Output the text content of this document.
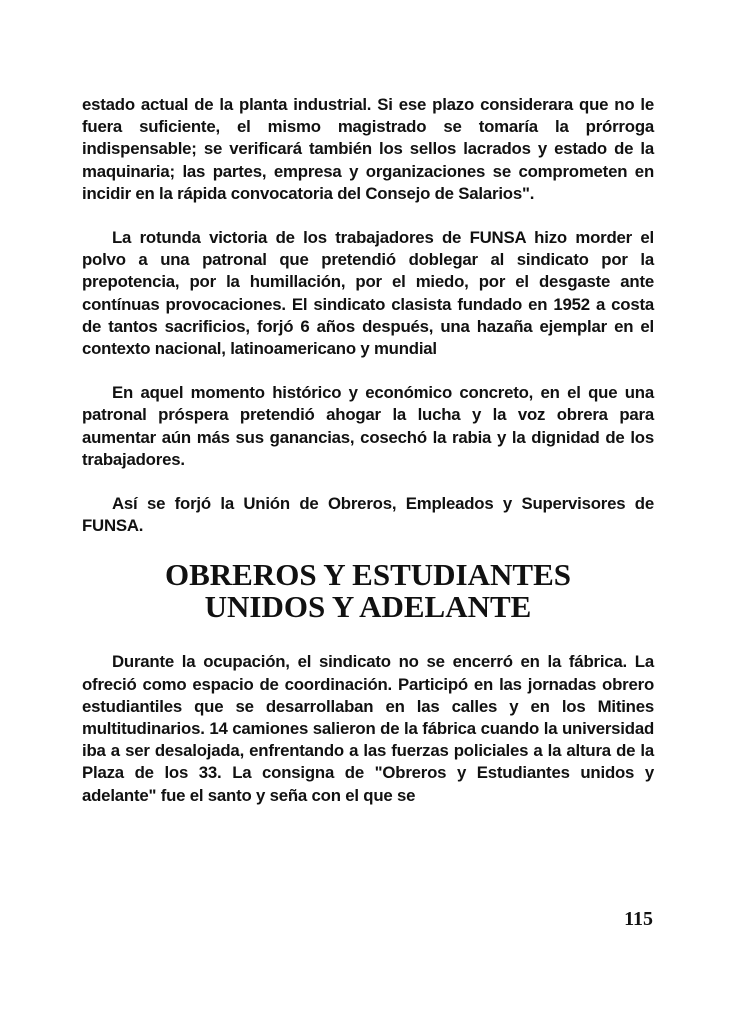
estado actual de la planta industrial. Si ese plazo considerara que no le fuera suficiente, el mismo magistrado se tomaría la prórroga indispensable; se verificará también los sellos lacrados y estado de la maquinaria; las partes, empresa y organizaciones se comprometen en incidir en la rápida convocatoria del Consejo de Salarios".

La rotunda victoria de los trabajadores de FUNSA hizo morder el polvo a una patronal que pretendió doblegar al sindicato por la prepotencia, por la humillación, por el miedo, por el desgaste ante contínuas provocaciones. El sindicato clasista fundado en 1952 a costa de tantos sacrificios, forjó 6 años después, una hazaña ejemplar en el contexto nacional, latinoamericano y mundial

En aquel momento histórico y económico concreto, en el que una patronal próspera pretendió ahogar la lucha y la voz obrera para aumentar aún más sus ganancias, cosechó la rabia y la dignidad de los trabajadores.

Así se forjó la Unión de Obreros, Empleados y Supervisores de FUNSA.

OBREROS Y ESTUDIANTES
UNIDOS Y ADELANTE

Durante la ocupación, el sindicato no se encerró en la fábrica. La ofreció como espacio de coordinación. Participó en las jornadas obrero estudiantiles que se desarrollaban en las calles y en los Mitines multitudinarios. 14 camiones salieron de la fábrica cuando la universidad iba a ser desalojada, enfrentando a las fuerzas policiales a la altura de la Plaza de los 33. La consigna de "Obreros y Estudiantes unidos y adelante" fue el santo y seña con el que se

115
